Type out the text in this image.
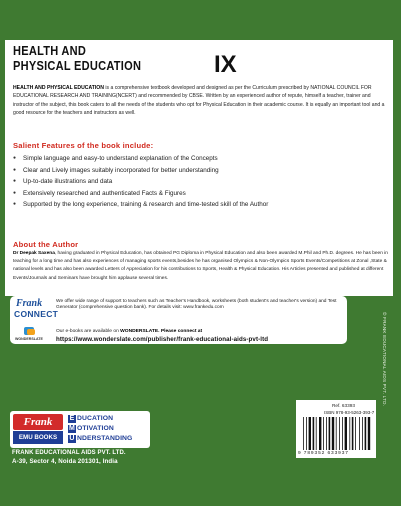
HEALTH AND
PHYSICAL EDUCATION	IX
HEALTH AND PHYSICAL EDUCATION is a comprehensive textbook developed and designed as per the Curriculum prescribed by NATIONAL COUNCIL FOR EDUCATIONAL RESEARCH AND TRAINING(NCERT) and recommended by CBSE. Written by an experienced author of repute, himself a teacher, trainer and instructor of the subject, this book caters to all the needs of the students who opt for Physical Education in their academic course. It is equally an important tool and a good resource for the teachers and instructors as well.
Salient Features of the book include:
● Simple language and easy-to understand explanation of the Concepts
● Clear and Lively images suitably incorporated for better understanding
● Up-to-date illustrations and data
● Extensively researched and authenticated Facts & Figures
● Supported by the long experience, training & research and time-tested skill of the Author
About the Author
Dr Deepak Saxena, having graduated in Physical Education, has obtained PG Diploma in Physical Education and also been awarded M.Phil and Ph.D. degrees. He has been in teaching for a long time and has also experiences of managing sports events,besides he has organised Olympics & Non-Olympics Sports Events/Competitions at Zonal ,State & national levels and has also been awarded Letters of Appreciation for his contributions to Sports, Health & Physical Education. His Articles presented and published at different Events/Journals and Seminars have brought him applause several times.
Frank
CONNECT
We offer wide range of support to teachers such as Teacher's Handbook, worksheets (both student's and teacher's version) and Test Generator (comprehensive question bank). For details visit: www.frankedu.com
WONDERSLATE
Our e-books are available on WONDERSLATE. Please connect at
https://www.wonderslate.com/publisher/frank-educational-aids-pvt-ltd	© FRANK EDUCATIONAL AIDS PVT. LTD.
Frank
EMU BOOKS
E DUCATION
M OTIVATION
U NDERSTANDING
FRANK EDUCATIONAL AIDS PVT. LTD.
A-39, Sector 4, Noida 201301, India
Ref. 63393
ISBN 978-93-5263-393-7
9 789352 633937
